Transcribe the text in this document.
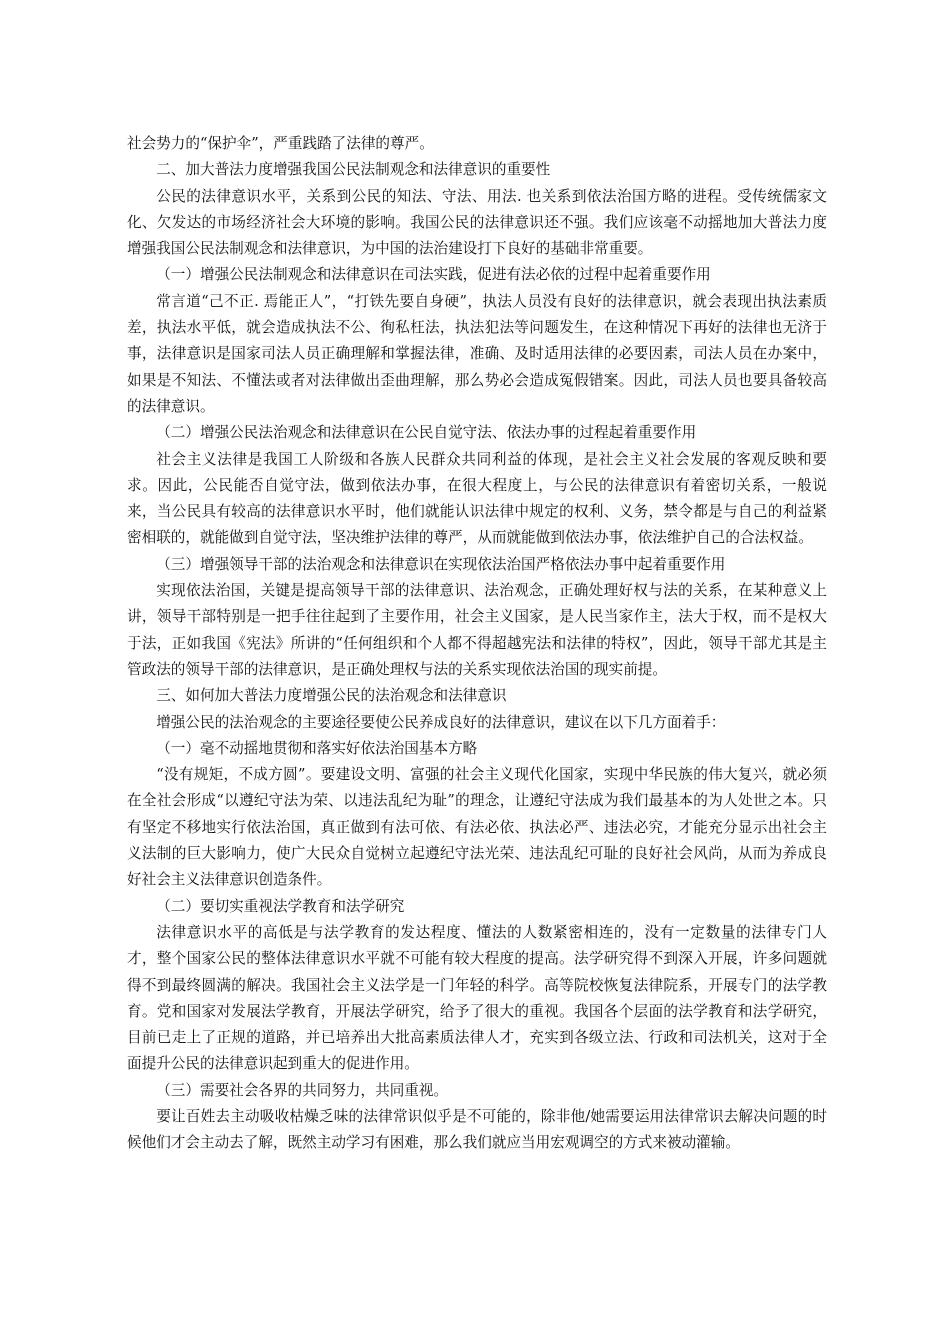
社会势力的“保护伞”，严重践踏了法律的尊严。

二、加大普法力度增强我国公民法制观念和法律意识的重要性

公民的法律意识水平，关系到公民的知法、守法、用法. 也关系到依法治国方略的进程。受传统儒家文化、欠发达的市场经济社会大环境的影响。我国公民的法律意识还不强。我们应该毫不动摇地加大普法力度增强我国公民法制观念和法律意识，为中国的法治建设打下良好的基础非常重要。

（一）增强公民法制观念和法律意识在司法实践，促进有法必依的过程中起着重要作用

常言道“己不正. 焉能正人”，“打铁先要自身硬”，执法人员没有良好的法律意识，就会表现出执法素质差，执法水平低，就会造成执法不公、徇私枉法，执法犯法等问题发生，在这种情况下再好的法律也无济于事，法律意识是国家司法人员正确理解和掌握法律，准确、及时适用法律的必要因素，司法人员在办案中，如果是不知法、不懂法或者对法律做出歪曲理解，那么势必会造成冤假错案。因此，司法人员也要具备较高的法律意识。

（二）增强公民法治观念和法律意识在公民自觉守法、依法办事的过程起着重要作用

社会主义法律是我国工人阶级和各族人民群众共同利益的体现，是社会主义社会发展的客观反映和要求。因此，公民能否自觉守法，做到依法办事，在很大程度上，与公民的法律意识有着密切关系，一般说来，当公民具有较高的法律意识水平时，他们就能认识法律中规定的权利、义务，禁令都是与自己的利益紧密相联的，就能做到自觉守法，坚决维护法律的尊严，从而就能做到依法办事，依法维护自己的合法权益。

（三）增强领导干部的法治观念和法律意识在实现依法治国严格依法办事中起着重要作用

实现依法治国，关键是提高领导干部的法律意识、法治观念，正确处理好权与法的关系，在某种意义上讲，领导干部特别是一把手往往起到了主要作用，社会主义国家，是人民当家作主，法大于权，而不是权大于法，正如我国《宪法》所讲的“任何组织和个人都不得超越宪法和法律的特权”，因此，领导干部尤其是主管政法的领导干部的法律意识，是正确处理权与法的关系实现依法治国的现实前提。

三、如何加大普法力度增强公民的法治观念和法律意识

增强公民的法治观念的主要途径要使公民养成良好的法律意识，建议在以下几方面着手：

（一）毫不动摇地贯彻和落实好依法治国基本方略

“没有规矩，不成方圆”。要建设文明、富强的社会主义现代化国家，实现中华民族的伟大复兴，就必须在全社会形成“以遵纪守法为荣、以违法乱纪为耻”的理念，让遵纪守法成为我们最基本的为人处世之本。只有坚定不移地实行依法治国，真正做到有法可依、有法必依、执法必严、违法必究，才能充分显示出社会主义法制的巨大影响力，使广大民众自觉树立起遵纪守法光荣、违法乱纪可耻的良好社会风尚，从而为养成良好社会主义法律意识创造条件。

（二）要切实重视法学教育和法学研究

法律意识水平的高低是与法学教育的发达程度、懂法的人数紧密相连的，没有一定数量的法律专门人才，整个国家公民的整体法律意识水平就不可能有较大程度的提高。法学研究得不到深入开展，许多问题就得不到最终圆满的解决。我国社会主义法学是一门年轻的科学。高等院校恢复法律院系，开展专门的法学教育。党和国家对发展法学教育，开展法学研究，给予了很大的重视。我国各个层面的法学教育和法学研究，目前已走上了正规的道路，并已培养出大批高素质法律人才，充实到各级立法、行政和司法机关，这对于全面提升公民的法律意识起到重大的促进作用。

（三）需要社会各界的共同努力，共同重视。

要让百姓去主动吸收枯燥乏味的法律常识似乎是不可能的，除非他/她需要运用法律常识去解决问题的时候他们才会主动去了解，既然主动学习有困难，那么我们就应当用宏观调空的方式来被动灌输。
